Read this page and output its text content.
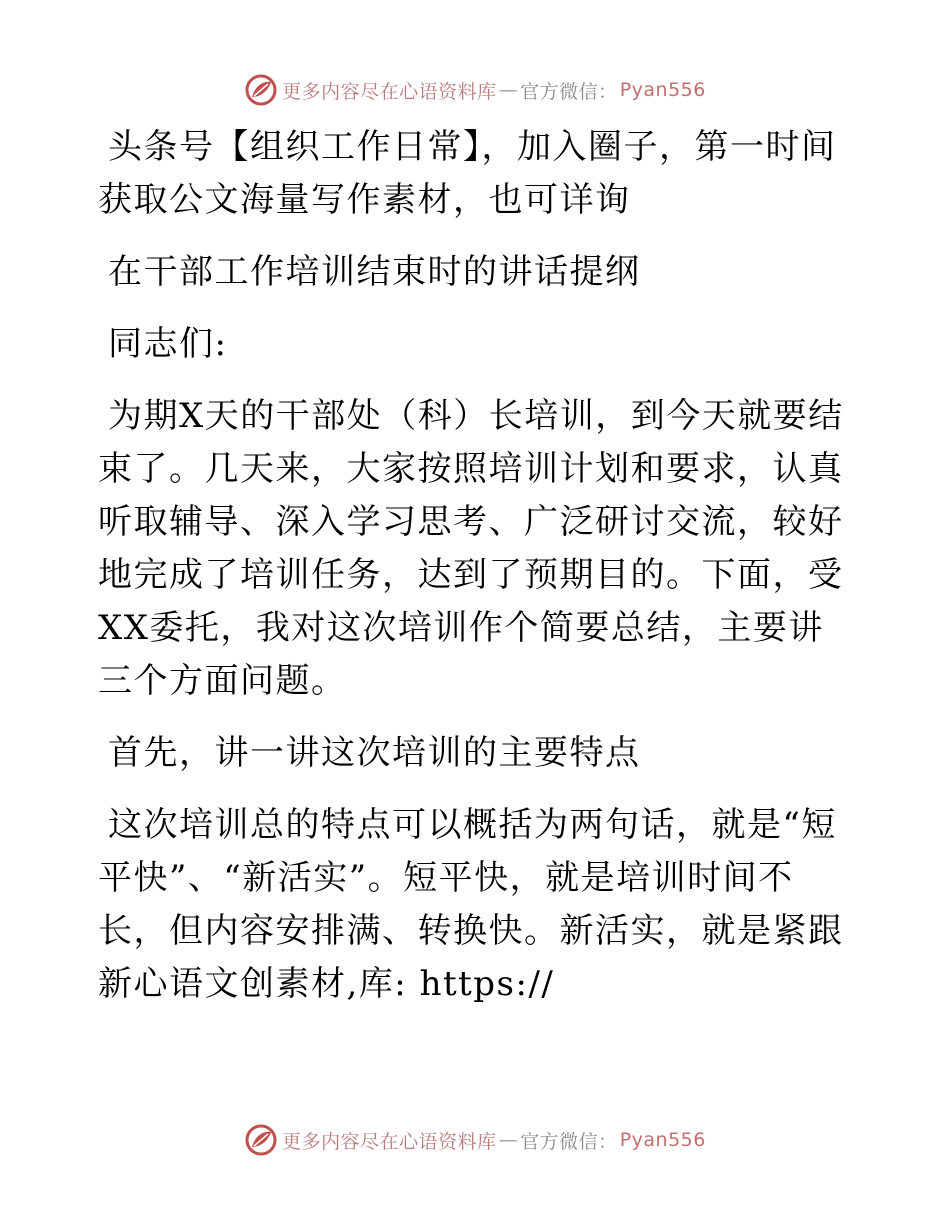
更多内容尽在心语资料库 — 官方微信： Pyan556

头条号【组织工作日常】，加入圈子，第一时间获取公文海量写作素材，也可详询

在干部工作培训结束时的讲话提纲

同志们:

为期X天的干部处（科）长培训，到今天就要结束了。几天来，大家按照培训计划和要求，认真听取辅导、深入学习思考、广泛研讨交流，较好地完成了培训任务，达到了预期目的。下面，受XX委托，我对这次培训作个简要总结，主要讲三个方面问题。

首先，讲一讲这次培训的主要特点

这次培训总的特点可以概括为两句话，就是“短平快”、“新活实”。短平快，就是培训时间不长，但内容安排满、转换快。新活实，就是紧跟新心语文创素材,库: https://

更多内容尽在心语资料库 — 官方微信： Pyan556
